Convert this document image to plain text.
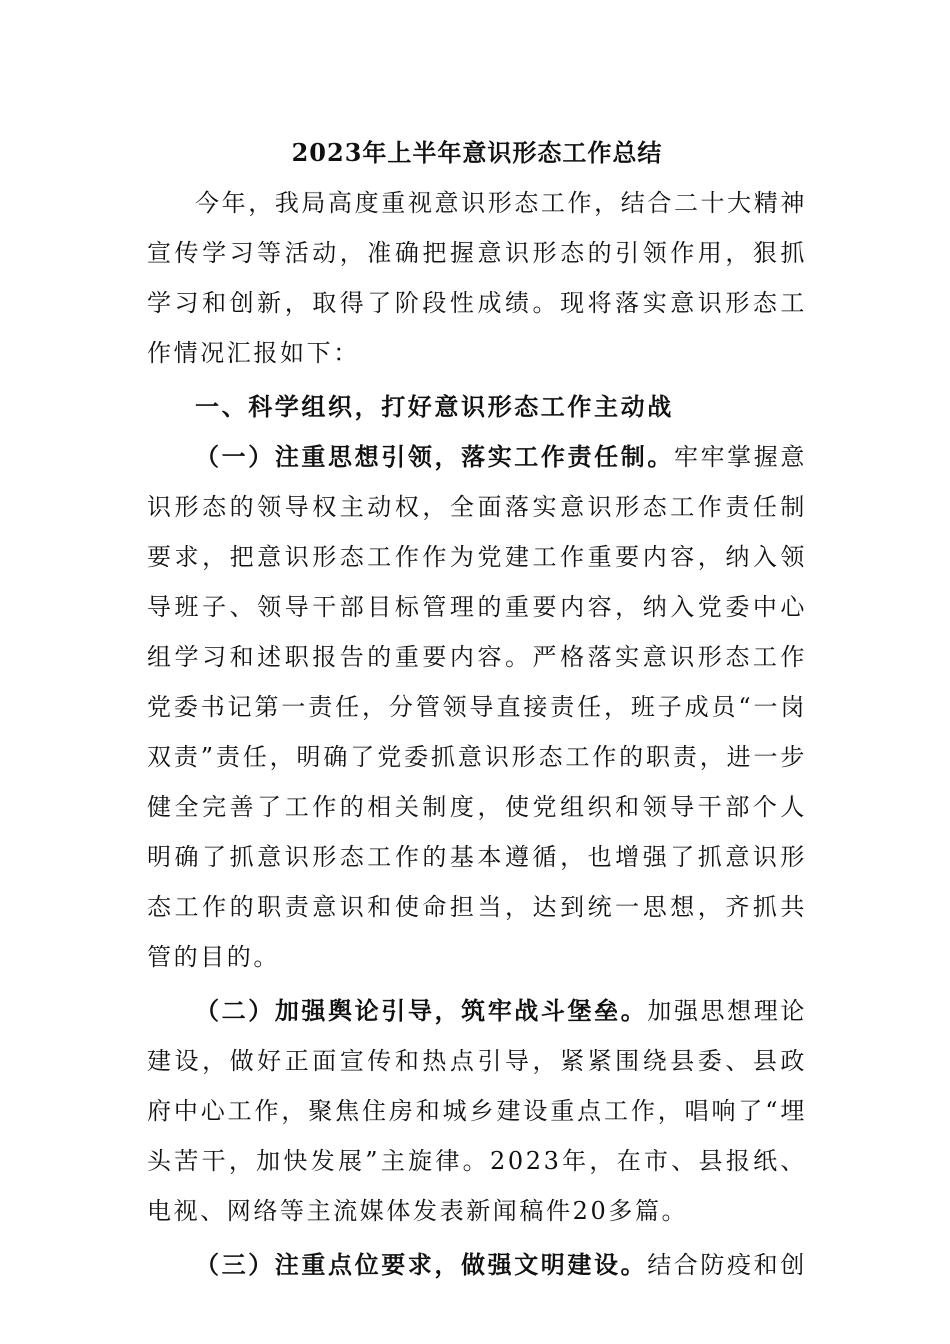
2023年上半年意识形态工作总结

今年，我局高度重视意识形态工作，结合二十大精神宣传学习等活动，准确把握意识形态的引领作用，狠抓学习和创新，取得了阶段性成绩。现将落实意识形态工作情况汇报如下：

一、科学组织，打好意识形态工作主动战

（一）注重思想引领，落实工作责任制。牢牢掌握意识形态的领导权主动权，全面落实意识形态工作责任制要求，把意识形态工作作为党建工作重要内容，纳入领导班子、领导干部目标管理的重要内容，纳入党委中心组学习和述职报告的重要内容。严格落实意识形态工作党委书记第一责任，分管领导直接责任，班子成员“一岗双责”责任，明确了党委抓意识形态工作的职责，进一步健全完善了工作的相关制度，使党组织和领导干部个人明确了抓意识形态工作的基本遵循，也增强了抓意识形态工作的职责意识和使命担当，达到统一思想，齐抓共管的目的。

（二）加强舆论引导，筑牢战斗堡垒。加强思想理论建设，做好正面宣传和热点引导，紧紧围绕县委、县政府中心工作，聚焦住房和城乡建设重点工作，唱响了“埋头苦干，加快发展”主旋律。2023年，在市、县报纸、电视、网络等主流媒体发表新闻稿件20多篇。

（三）注重点位要求，做强文明建设。结合防疫和创
